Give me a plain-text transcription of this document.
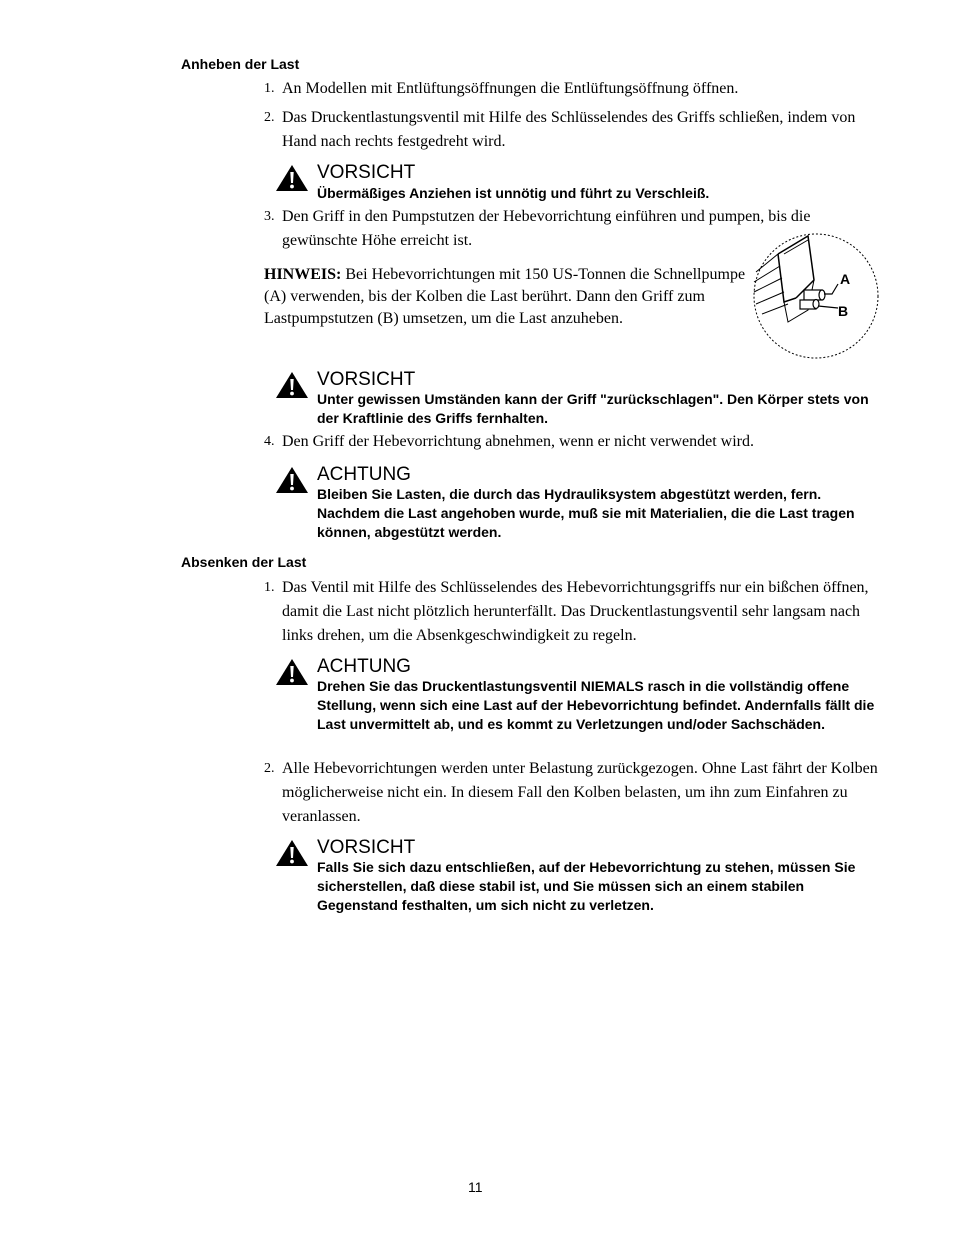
Anheben der Last
1. An Modellen mit Entlüftungsöffnungen die Entlüftungsöffnung öffnen.
2. Das Druckentlastungsventil mit Hilfe des Schlüsselendes des Griffs schließen, indem von Hand nach rechts festgedreht wird.
VORSICHT
Übermäßiges Anziehen ist unnötig und führt zu Verschleiß.
3. Den Griff in den Pumpstutzen der Hebevorrichtung einführen und pumpen, bis die gewünschte Höhe erreicht ist.
HINWEIS: Bei Hebevorrichtungen mit 150 US-Tonnen die Schnellpumpe (A) verwenden, bis der Kolben die Last berührt. Dann den Griff zum Lastpumpstutzen (B) umsetzen, um die Last anzuheben.
A
B
VORSICHT
Unter gewissen Umständen kann der Griff "zurückschlagen". Den Körper stets von der Kraftlinie des Griffs fernhalten.
4. Den Griff der Hebevorrichtung abnehmen, wenn er nicht verwendet wird.
ACHTUNG
Bleiben Sie Lasten, die durch das Hydrauliksystem abgestützt werden, fern. Nachdem die Last angehoben wurde, muß sie mit Materialien, die die Last tragen können, abgestützt werden.
Absenken der Last
1. Das Ventil mit Hilfe des Schlüsselendes des Hebevorrichtungsgriffs nur ein bißchen öffnen, damit die Last nicht plötzlich herunterfällt. Das Druckentlastungsventil sehr langsam nach links drehen, um die Absenkgeschwindigkeit zu regeln.
ACHTUNG
Drehen Sie das Druckentlastungsventil NIEMALS rasch in die vollständig offene Stellung, wenn sich eine Last auf der Hebevorrichtung befindet. Andernfalls fällt die Last unvermittelt ab, und es kommt zu Verletzungen und/oder Sachschäden.
2. Alle Hebevorrichtungen werden unter Belastung zurückgezogen. Ohne Last fährt der Kolben möglicherweise nicht ein. In diesem Fall den Kolben belasten, um ihn zum Einfahren zu veranlassen.
VORSICHT
Falls Sie sich dazu entschließen, auf der Hebevorrichtung zu stehen, müssen Sie sicherstellen, daß diese stabil ist, und Sie müssen sich an einem stabilen Gegenstand festhalten, um sich nicht zu verletzen.
11
